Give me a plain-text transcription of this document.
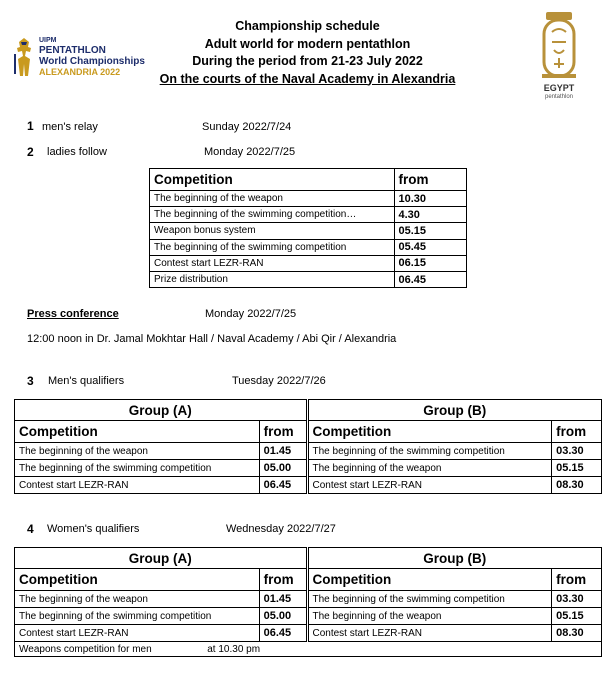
UIPM
PENTATHLON
World Championships
ALEXANDRIA 2022
EGYPT
pentathlon
Championship schedule
Adult world for modern pentathlon
During the period from 21-23 July 2022
On the courts of the Naval Academy in Alexandria
1 men's relay	Sunday 2022/7/24
2 ladies follow	Monday 2022/7/25
Competition	from
The beginning of the weapon	10.30
The beginning of the swimming competition…	4.30
Weapon bonus system	05.15
The beginning of the swimming competition	05.45
Contest start LEZR-RAN	06.15
Prize distribution	06.45
Press conference	Monday 2022/7/25
12:00 noon in Dr. Jamal Mokhtar Hall / Naval Academy / Abi Qir / Alexandria
3 Men's qualifiers	Tuesday 2022/7/26
Group (A)		Group (B)	
Competition	from	Competition	from
The beginning of the weapon	01.45	The beginning of the swimming competition	03.30
The beginning of the swimming competition	05.00	The beginning of the weapon	05.15
Contest start LEZR-RAN	06.45	Contest start LEZR-RAN	08.30
4 Women's qualifiers	Wednesday 2022/7/27
Group (A)		Group (B)	
Competition	from	Competition	from
The beginning of the weapon	01.45	The beginning of the swimming competition	03.30
The beginning of the swimming competition	05.00	The beginning of the weapon	05.15
Contest start LEZR-RAN	06.45	Contest start LEZR-RAN	08.30
Weapons competition for men at 10.30 pm			
